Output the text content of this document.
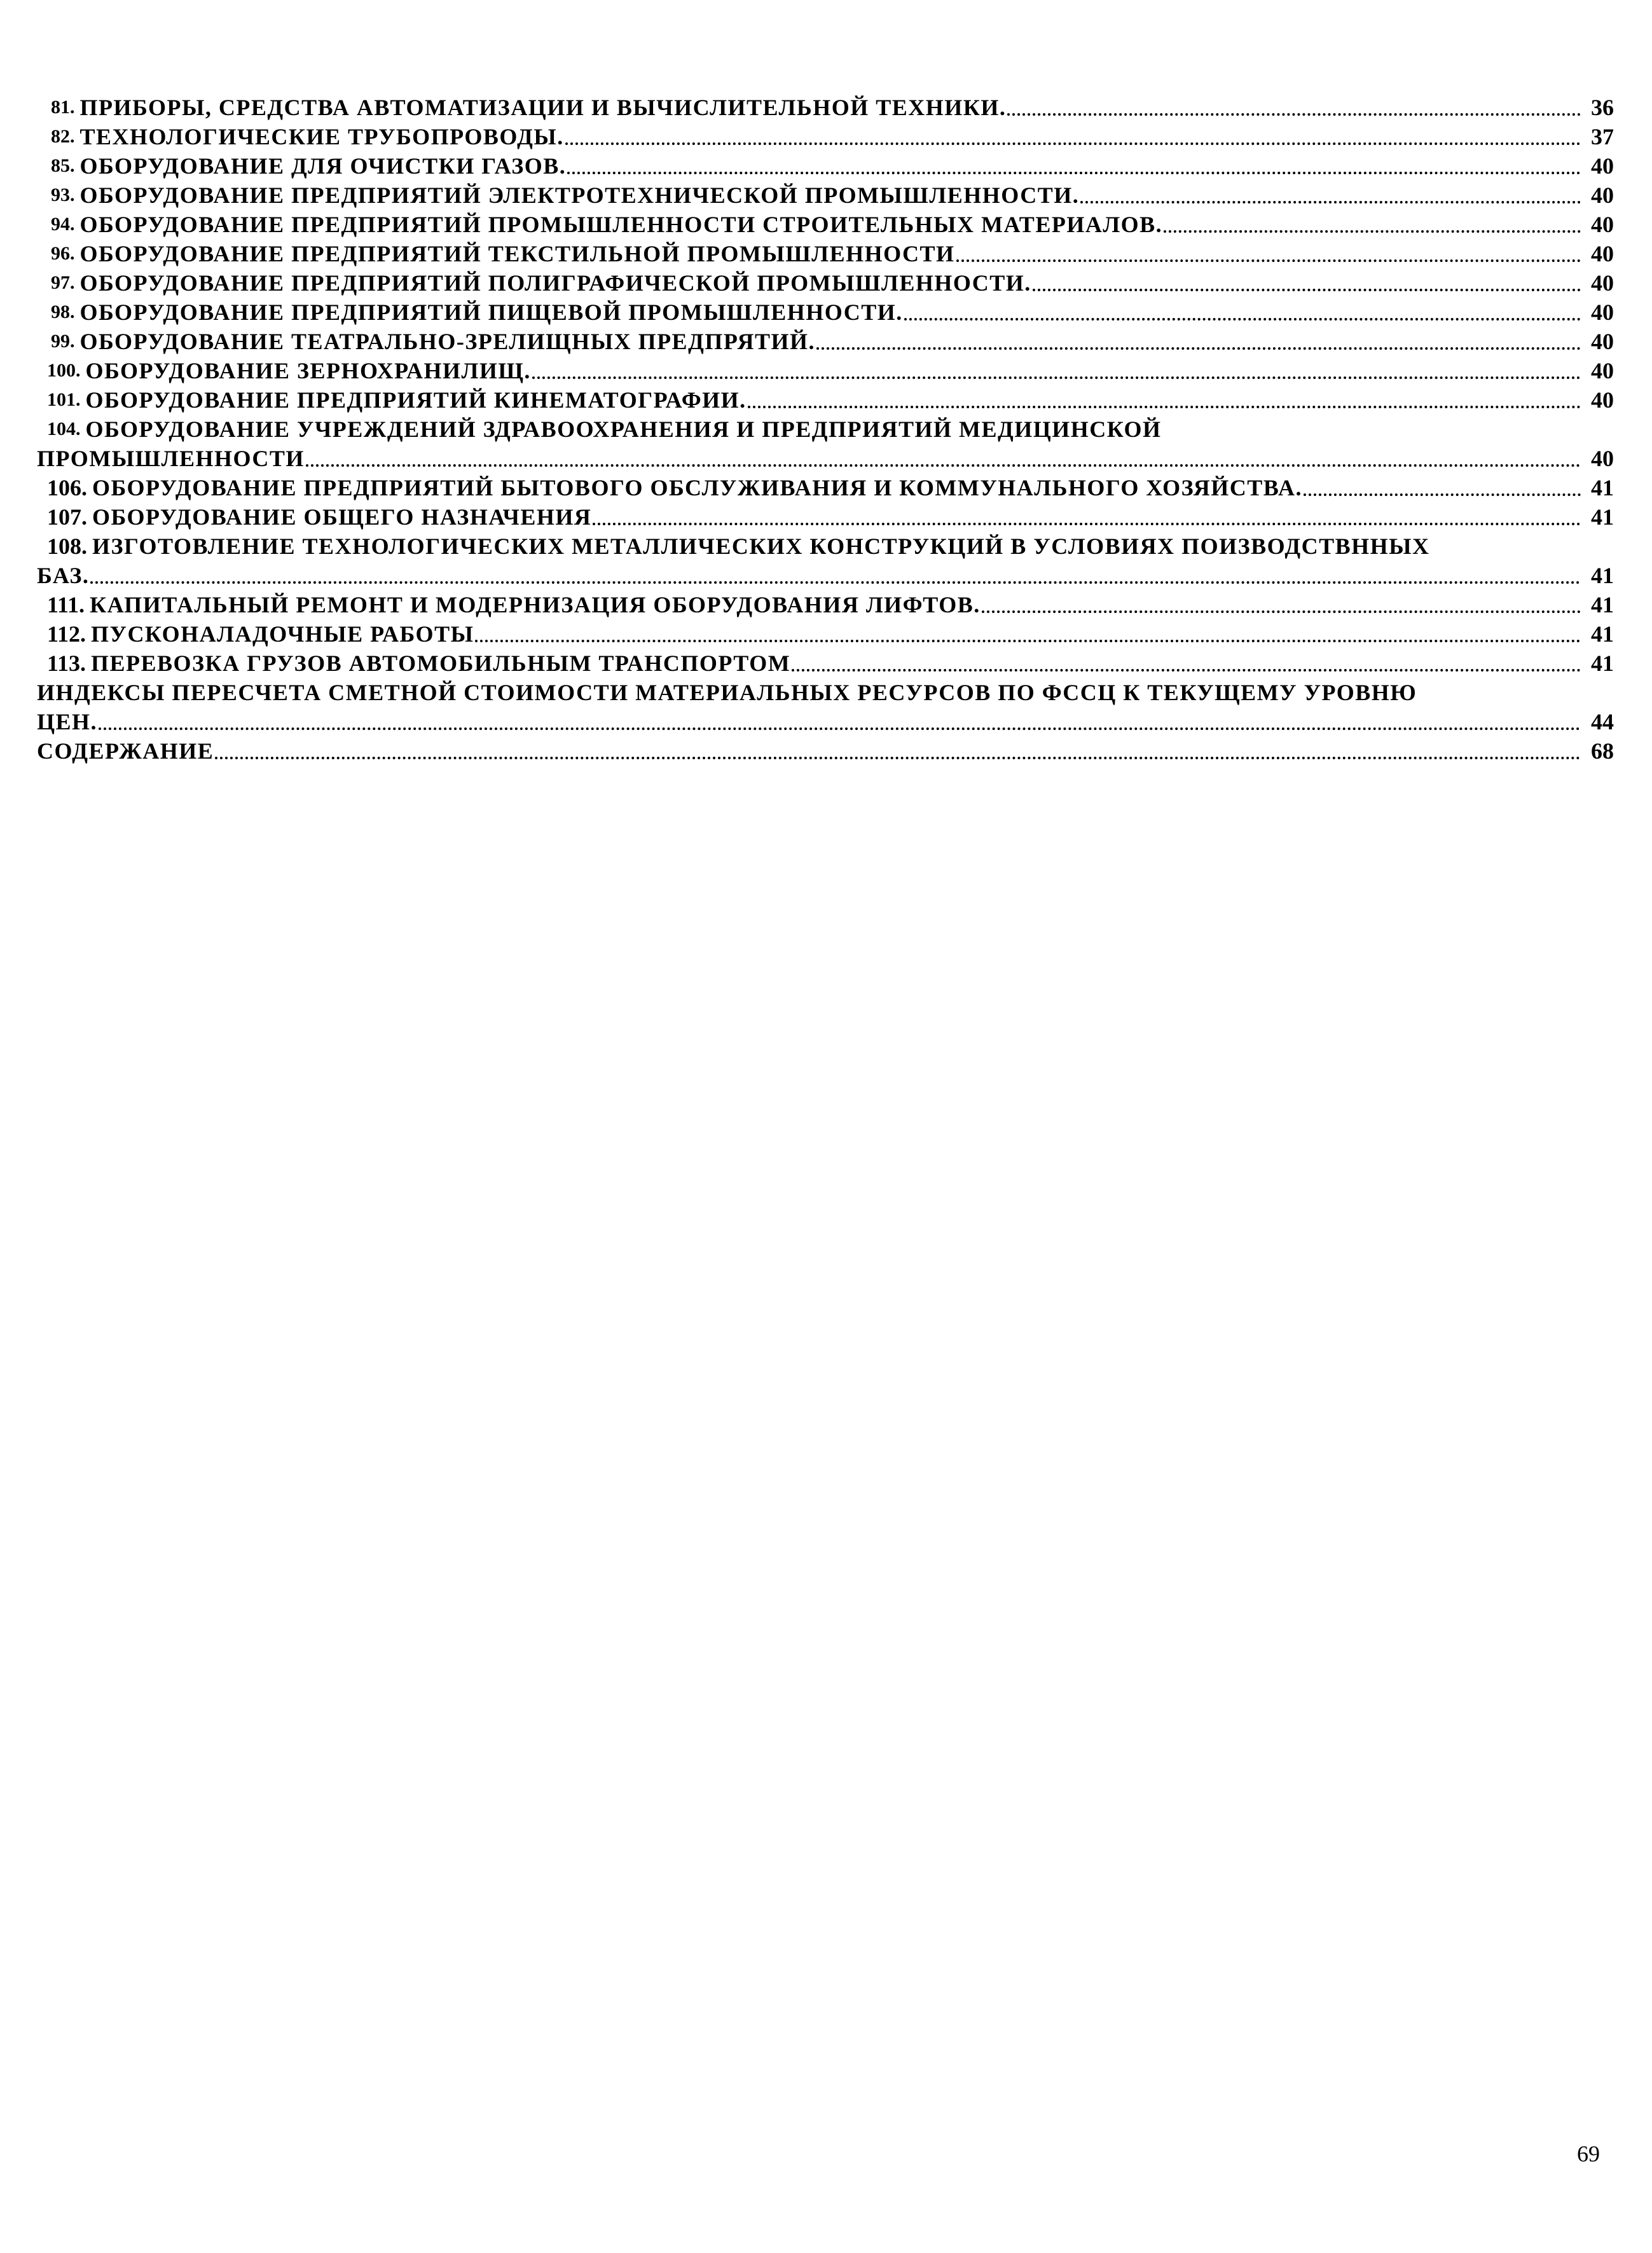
81. ПРИБОРЫ, СРЕДСТВА АВТОМАТИЗАЦИИ И ВЫЧИСЛИТЕЛЬНОЙ ТЕХНИКИ.	36
82. ТЕХНОЛОГИЧЕСКИЕ ТРУБОПРОВОДЫ.	37
85. ОБОРУДОВАНИЕ ДЛЯ ОЧИСТКИ ГАЗОВ.	40
93. ОБОРУДОВАНИЕ ПРЕДПРИЯТИЙ ЭЛЕКТРОТЕХНИЧЕСКОЙ ПРОМЫШЛЕННОСТИ.	40
94. ОБОРУДОВАНИЕ ПРЕДПРИЯТИЙ ПРОМЫШЛЕННОСТИ СТРОИТЕЛЬНЫХ МАТЕРИАЛОВ.	40
96. ОБОРУДОВАНИЕ ПРЕДПРИЯТИЙ ТЕКСТИЛЬНОЙ ПРОМЫШЛЕННОСТИ	40
97. ОБОРУДОВАНИЕ ПРЕДПРИЯТИЙ ПОЛИГРАФИЧЕСКОЙ ПРОМЫШЛЕННОСТИ.	40
98. ОБОРУДОВАНИЕ ПРЕДПРИЯТИЙ ПИЩЕВОЙ ПРОМЫШЛЕННОСТИ.	40
99. ОБОРУДОВАНИЕ ТЕАТРАЛЬНО-ЗРЕЛИЩНЫХ ПРЕДПРЯТИЙ.	40
100. ОБОРУДОВАНИЕ ЗЕРНОХРАНИЛИЩ.	40
101. ОБОРУДОВАНИЕ ПРЕДПРИЯТИЙ КИНЕМАТОГРАФИИ.	40
104. ОБОРУДОВАНИЕ УЧРЕЖДЕНИЙ ЗДРАВООХРАНЕНИЯ И ПРЕДПРИЯТИЙ МЕДИЦИНСКОЙ
ПРОМЫШЛЕННОСТИ	40
106. ОБОРУДОВАНИЕ ПРЕДПРИЯТИЙ БЫТОВОГО ОБСЛУЖИВАНИЯ И КОММУНАЛЬНОГО ХОЗЯЙСТВА.	41
107. ОБОРУДОВАНИЕ ОБЩЕГО НАЗНАЧЕНИЯ	41
108. ИЗГОТОВЛЕНИЕ ТЕХНОЛОГИЧЕСКИХ МЕТАЛЛИЧЕСКИХ КОНСТРУКЦИЙ В УСЛОВИЯХ ПОИЗВОДСТВННЫХ
БАЗ.	41
111. КАПИТАЛЬНЫЙ РЕМОНТ И МОДЕРНИЗАЦИЯ ОБОРУДОВАНИЯ ЛИФТОВ.	41
112. ПУСКОНАЛАДОЧНЫЕ РАБОТЫ	41
113. ПЕРЕВОЗКА ГРУЗОВ АВТОМОБИЛЬНЫМ ТРАНСПОРТОМ	41
ИНДЕКСЫ ПЕРЕСЧЕТА СМЕТНОЙ СТОИМОСТИ МАТЕРИАЛЬНЫХ РЕСУРСОВ ПО ФССЦ К ТЕКУЩЕМУ УРОВНЮ
ЦЕН.	44
СОДЕРЖАНИЕ	68
69
